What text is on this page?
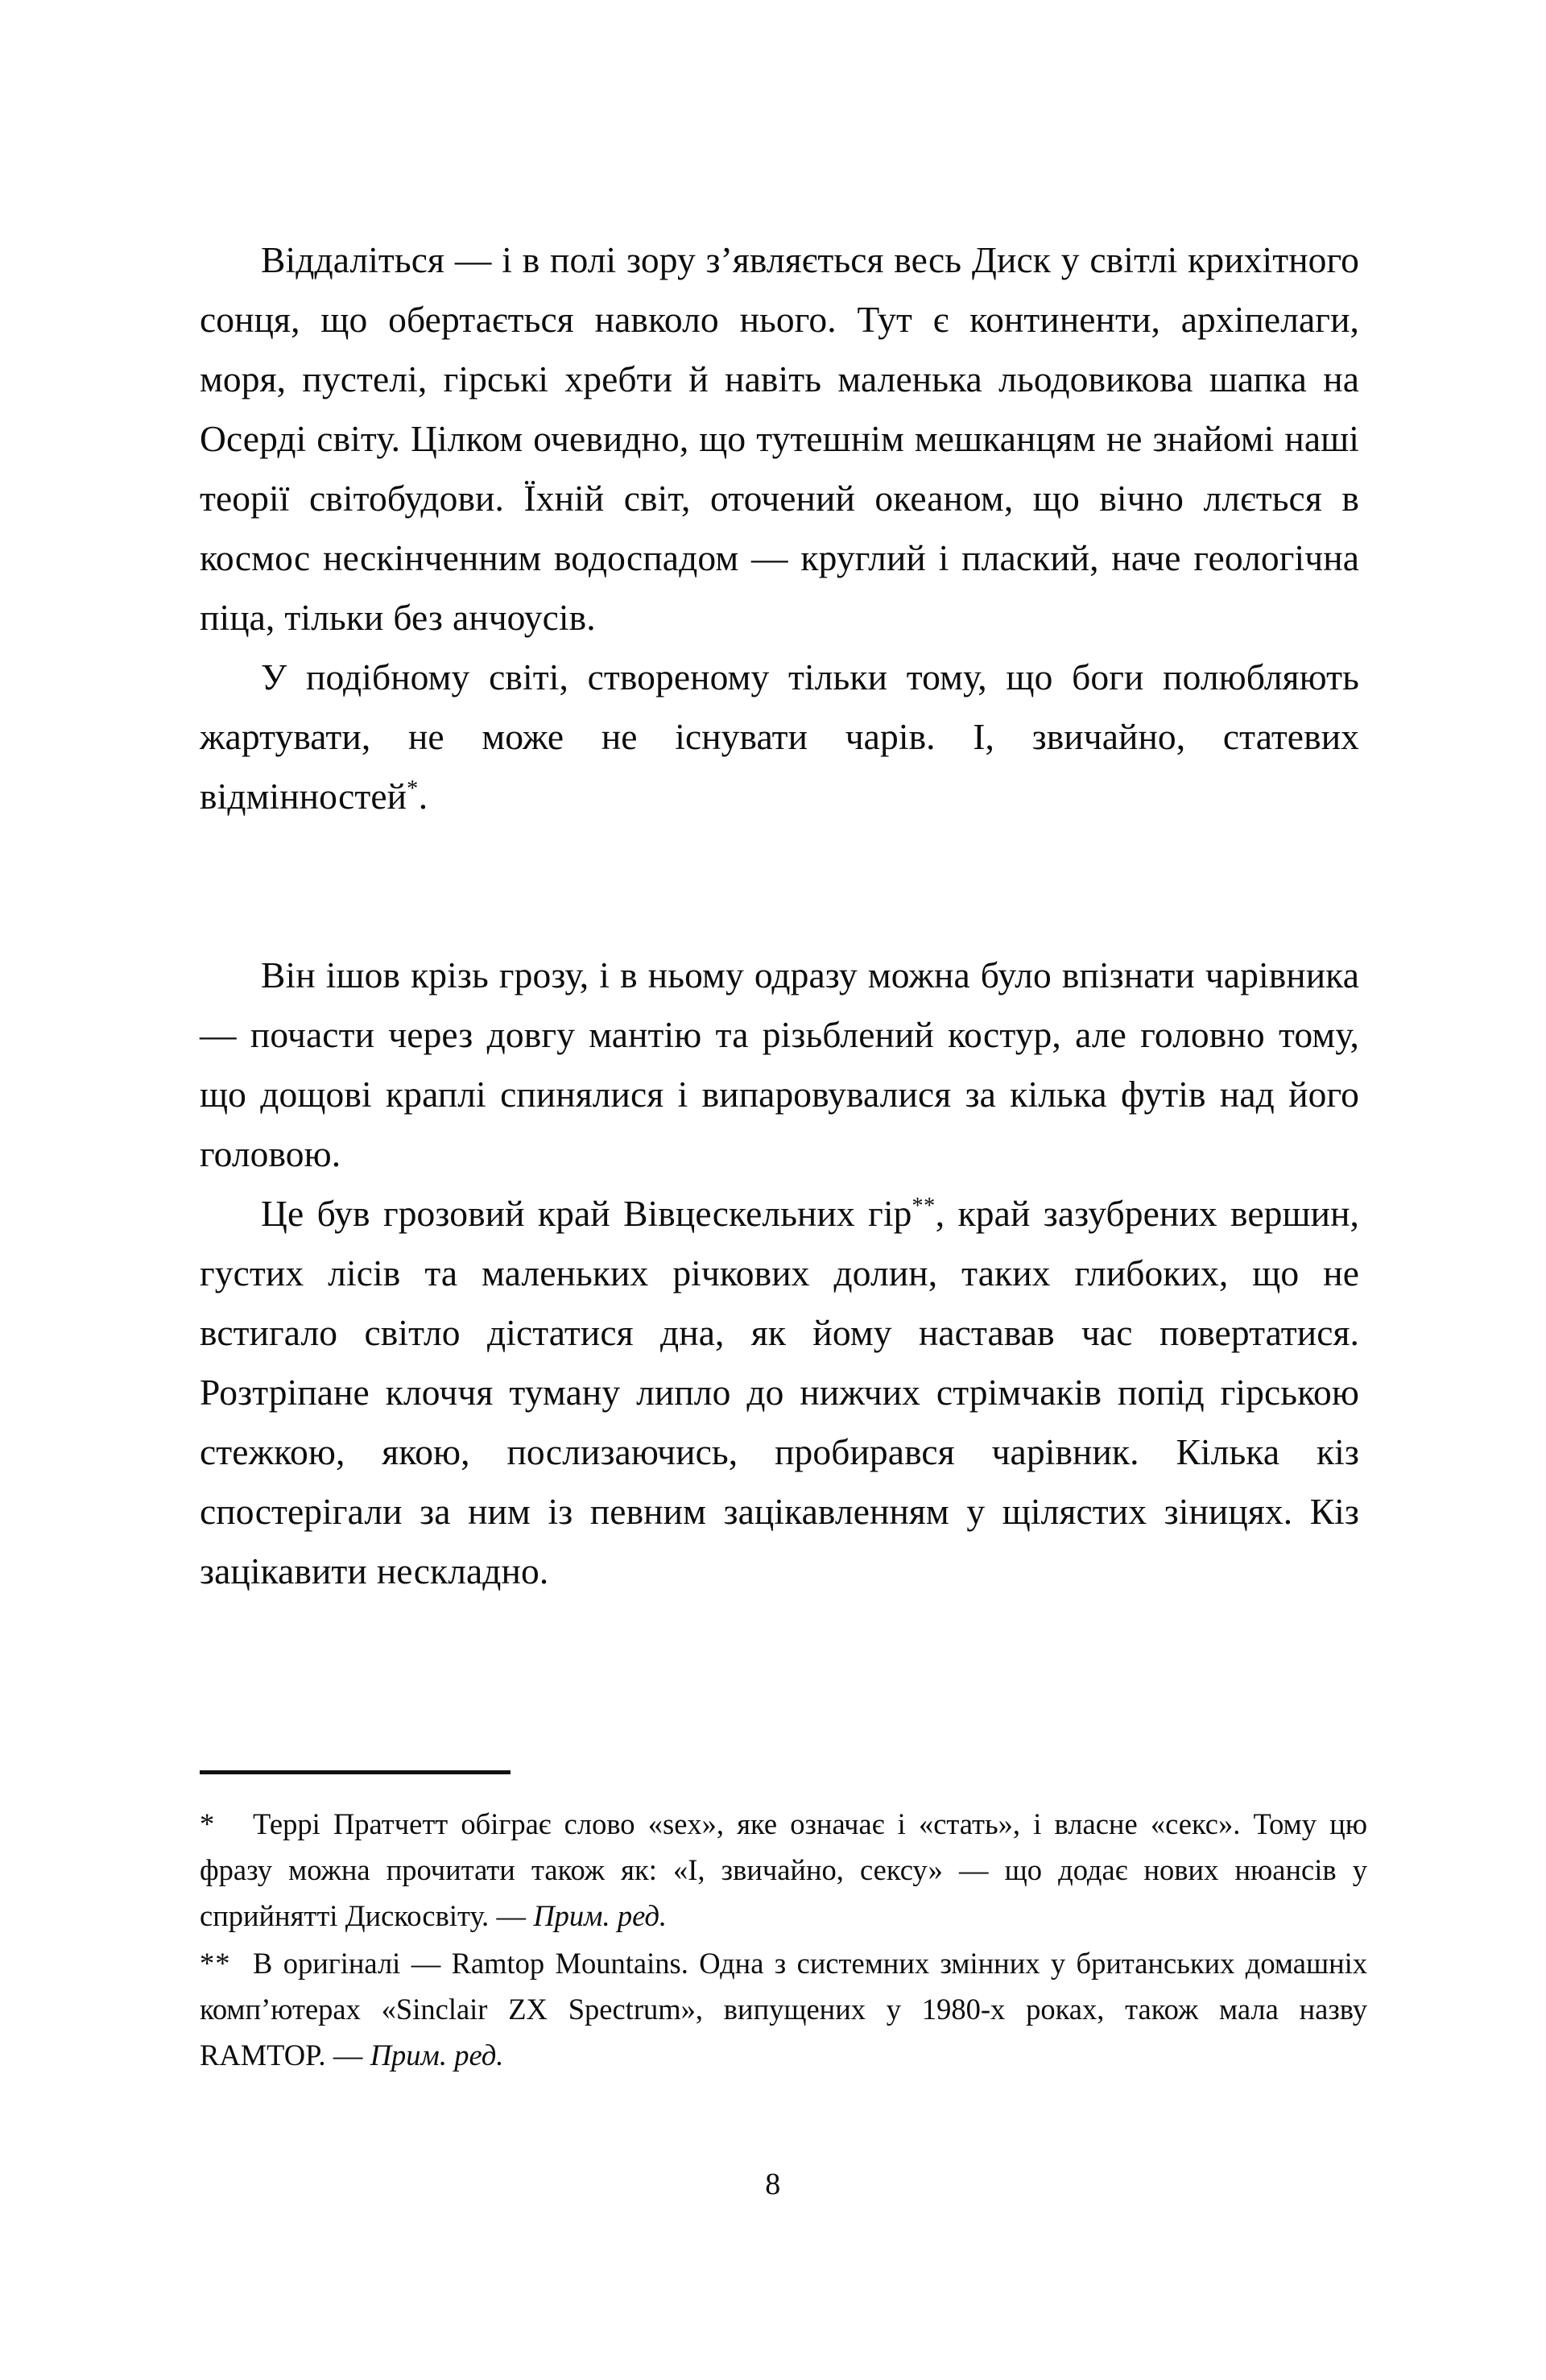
Віддаліться — і в полі зору з’являється весь Диск у світлі крихітного сонця, що обертається навколо нього. Тут є континенти, архіпелаги, моря, пустелі, гірські хребти й навіть маленька льодовикова шапка на Осерді світу. Цілком очевидно, що тутешнім мешканцям не знайомі наші теорії світобудови. Їхній світ, оточений океаном, що вічно ллється в космос нескінченним водоспадом — круглий і плаский, наче геологічна піца, тільки без анчоусів.

У подібному світі, створеному тільки тому, що боги полюбляють жартувати, не може не існувати чарів. І, звичайно, статевих відмінностей*.

Він ішов крізь грозу, і в ньому одразу можна було впізнати чарівника — почасти через довгу мантію та різьблений костур, але головно тому, що дощові краплі спинялися і випаровувалися за кілька футів над його головою.

Це був грозовий край Вівцескельних гір**, край зазубрених вершин, густих лісів та маленьких річкових долин, таких глибоких, що не встигало світло дістатися дна, як йому наставав час повертатися. Розтріпане клоччя туману липло до нижчих стрімчаків попід гірською стежкою, якою, послизаючись, пробирався чарівник. Кілька кіз спостерігали за ним із певним зацікавленням у щілястих зіницях. Кіз зацікавити нескладно.

* Террі Пратчетт обіграє слово «sex», яке означає і «стать», і власне «секс». Тому цю фразу можна прочитати також як: «І, звичайно, сексу» — що додає нових нюансів у сприйнятті Дискосвіту. — Прим. ред.

** В оригіналі — Ramtop Mountains. Одна з системних змінних у британських домашніх комп’ютерах «Sinclair ZX Spectrum», випущених у 1980-х роках, також мала назву RAMTOP. — Прим. ред.

8
